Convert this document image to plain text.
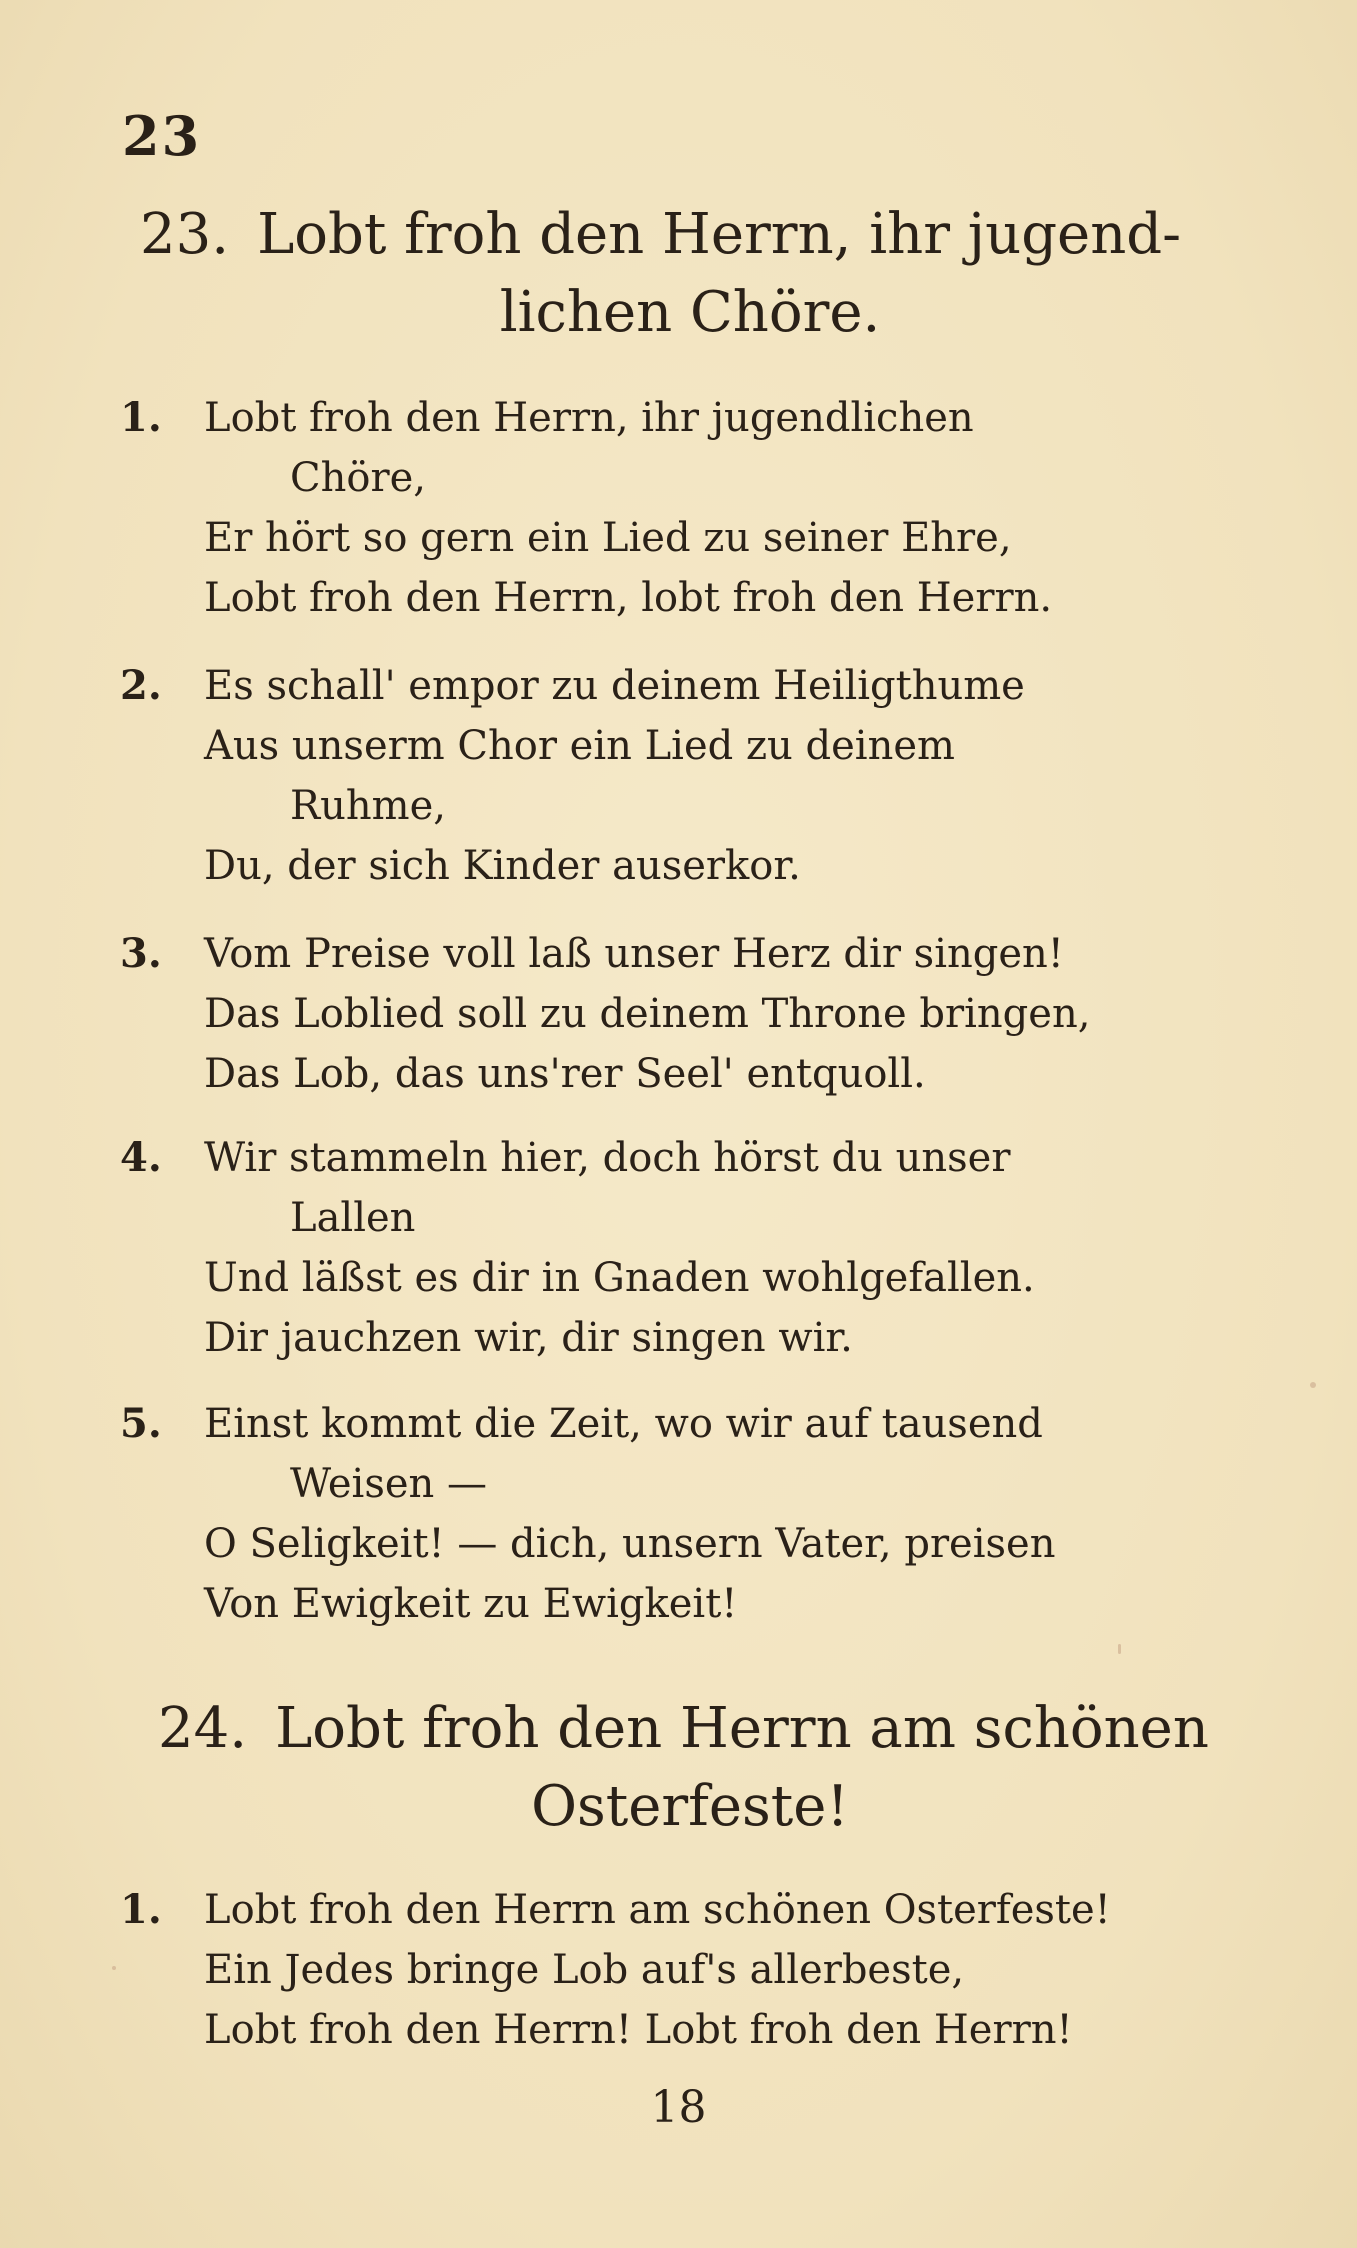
23
23. Lobt froh den Herrn, ihr jugend-
lichen Chöre.
1.	Lobt froh den Herrn, ihr jugendlichen
Chöre,
Er hört so gern ein Lied zu seiner Ehre,
Lobt froh den Herrn, lobt froh den Herrn.
2.	Es schall' empor zu deinem Heiligthume
Aus unserm Chor ein Lied zu deinem
Ruhme,
Du, der sich Kinder auserkor.
3.	Vom Preise voll laß unser Herz dir singen!
Das Loblied soll zu deinem Throne bringen,
Das Lob, das uns'rer Seel' entquoll.
4.	Wir stammeln hier, doch hörst du unser
Lallen
Und läßst es dir in Gnaden wohlgefallen.
Dir jauchzen wir, dir singen wir.
5.	Einst kommt die Zeit, wo wir auf tausend
Weisen —
O Seligkeit! — dich, unsern Vater, preisen
Von Ewigkeit zu Ewigkeit!
24. Lobt froh den Herrn am schönen
Osterfeste!
1.	Lobt froh den Herrn am schönen Osterfeste!
Ein Jedes bringe Lob auf's allerbeste,
Lobt froh den Herrn! Lobt froh den Herrn!
18
